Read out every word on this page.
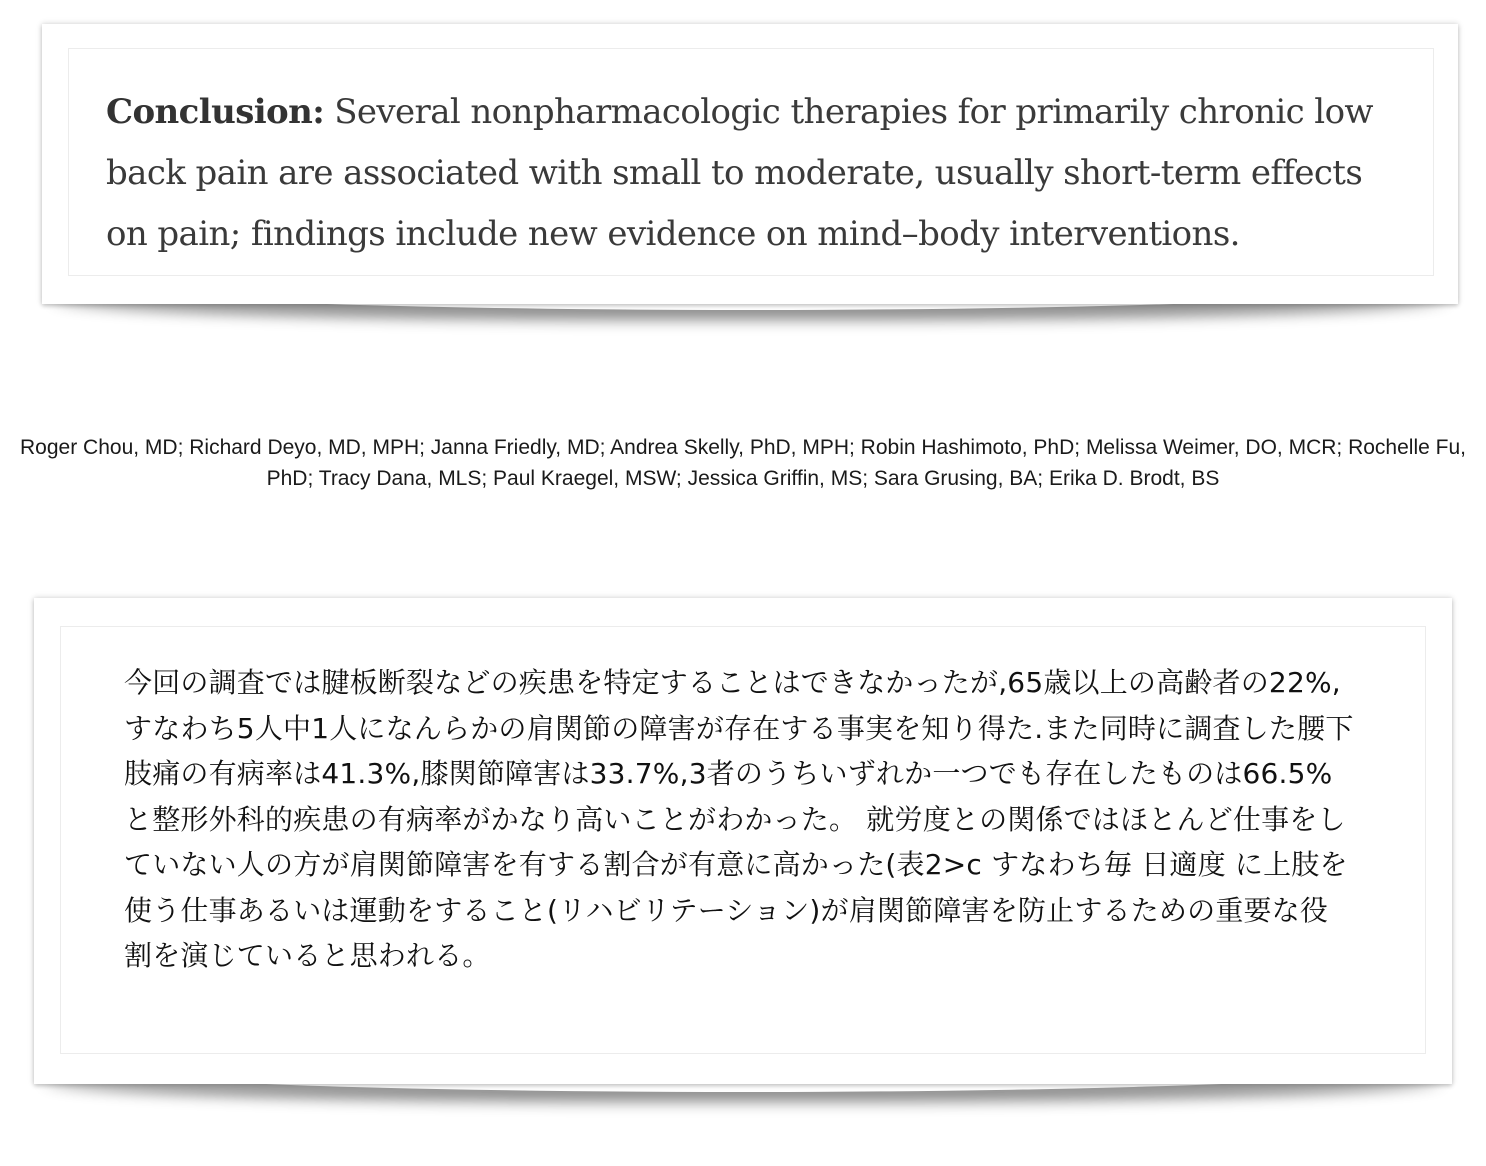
Conclusion: Several nonpharmacologic therapies for primarily chronic low back pain are associated with small to moderate, usually short-term effects on pain; findings include new evidence on mind–body interventions.

Roger Chou, MD; Richard Deyo, MD, MPH; Janna Friedly, MD; Andrea Skelly, PhD, MPH; Robin Hashimoto, PhD; Melissa Weimer, DO, MCR; Rochelle Fu, PhD; Tracy Dana, MLS; Paul Kraegel, MSW; Jessica Griffin, MS; Sara Grusing, BA; Erika D. Brodt, BS

今回の調査では腱板断裂などの疾患を特定することはできなかったが,65歳以上の高齢者の22%,すなわち5人中1人になんらかの肩関節の障害が存在する事実を知り得た.また同時に調査した腰下肢痛の有病率は41.3%,膝関節障害は33.7%,3者のうちいずれか一つでも存在したものは66.5%と整形外科的疾患の有病率がかなり高いことがわかった。 就労度との関係ではほとんど仕事をしていない人の方が肩関節障害を有する割合が有意に高かった(表2>c すなわち毎 日適度 に上肢を使う仕事あるいは運動をすること(リハビリテーション)が肩関節障害を防止するための重要な役割を演じていると思われる。
